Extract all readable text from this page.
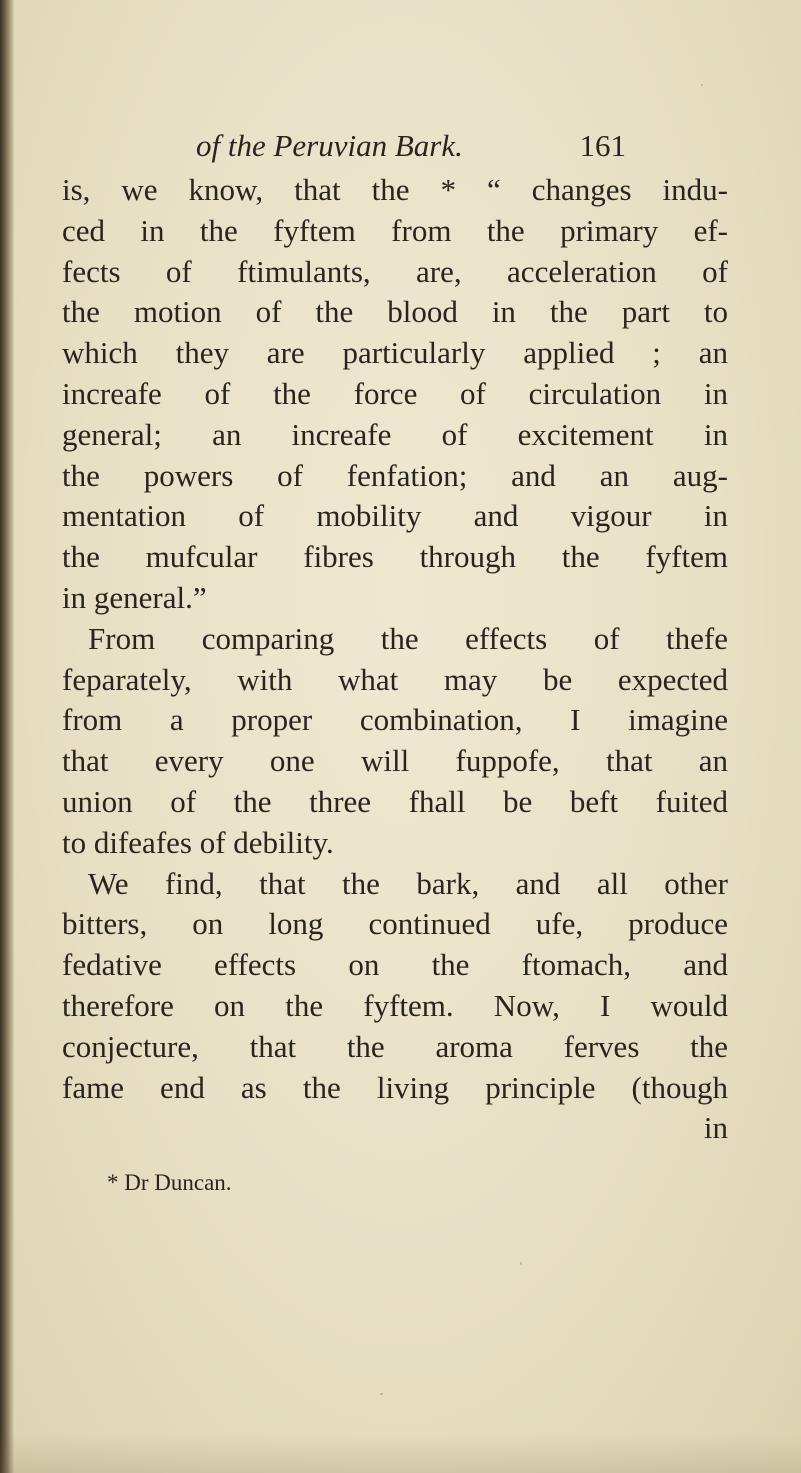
of the Peruvian Bark.	161
is, we know, that the * “ changes indu-
ced in the fyftem from the primary ef-
fects of ftimulants, are, acceleration of
the motion of the blood in the part to
which they are particularly applied ; an
increafe of the force of circulation in
general; an increafe of excitement in
the powers of fenfation; and an aug-
mentation of mobility and vigour in
the mufcular fibres through the fyftem
in general.”
From comparing the effects of thefe
feparately, with what may be expected
from a proper combination, I imagine
that every one will fuppofe, that an
union of the three fhall be beft fuited
to difeafes of debility.
We find, that the bark, and all other
bitters, on long continued ufe, produce
fedative effects on the ftomach, and
therefore on the fyftem. Now, I would
conjecture, that the aroma ferves the
fame end as the living principle (though
in
* Dr Duncan.
